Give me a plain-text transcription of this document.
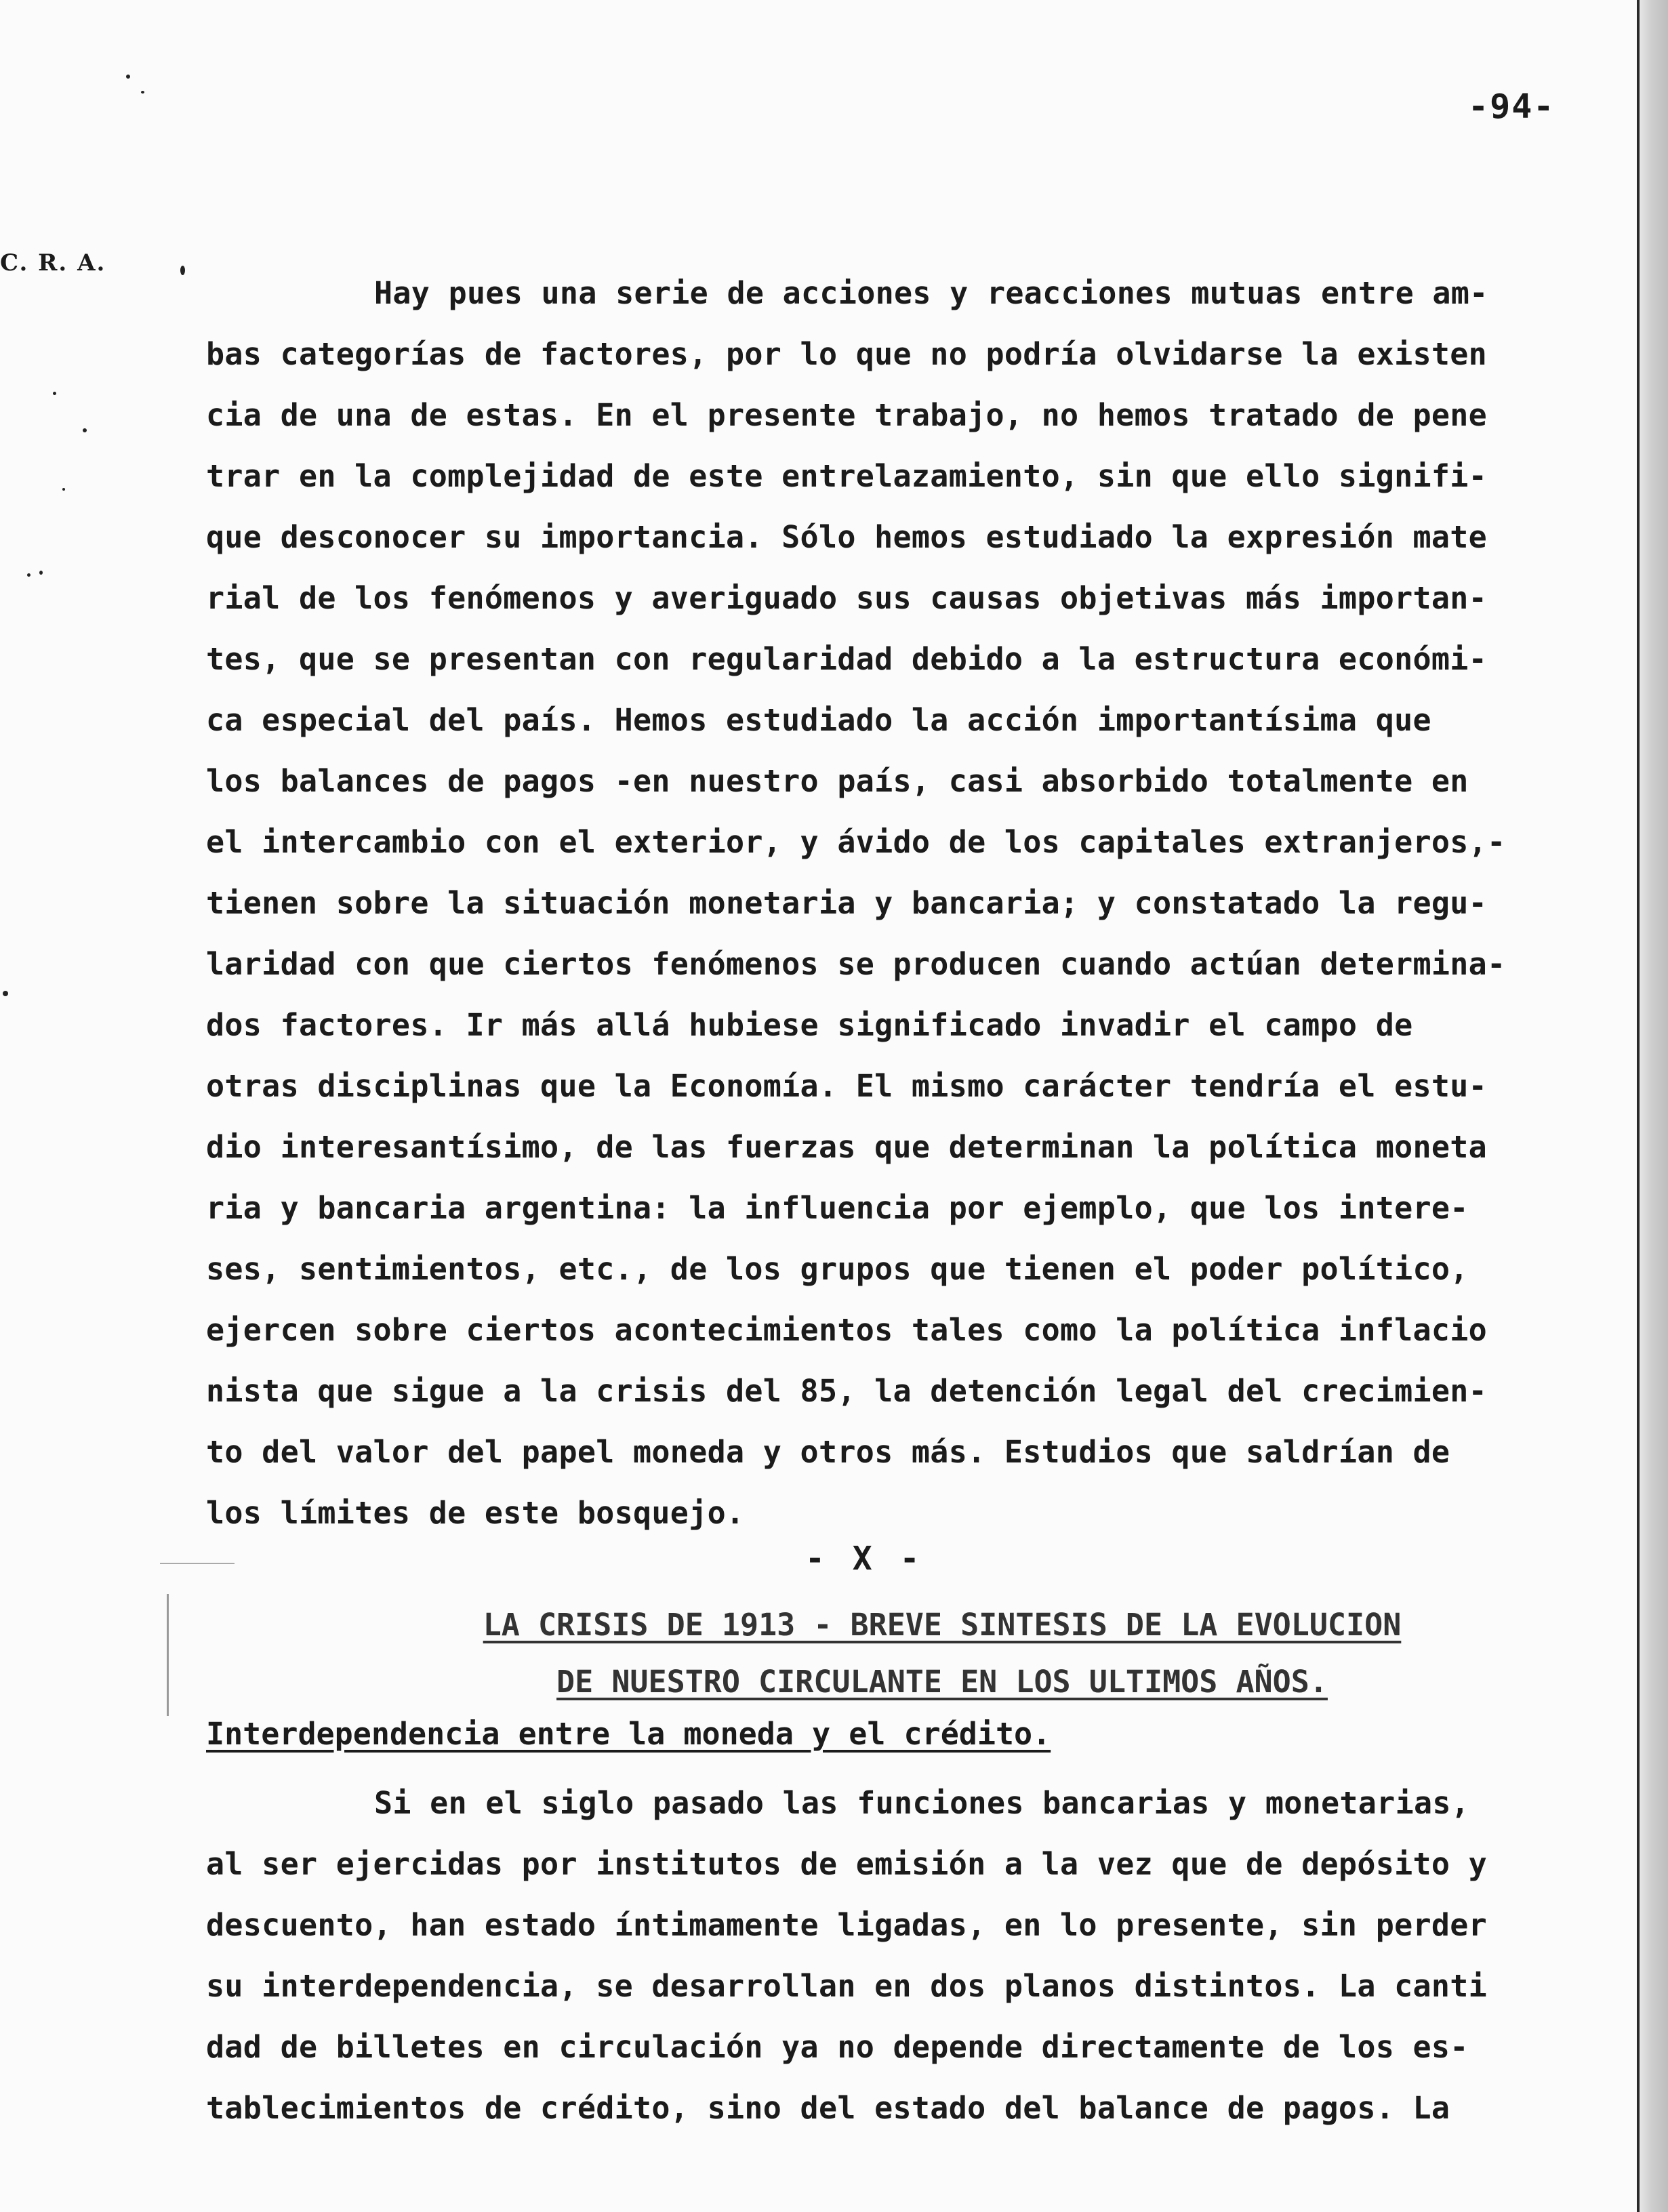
-94-
C. R. A.
Hay pues una serie de acciones y reacciones mutuas entre am-
bas categorías de factores, por lo que no podría olvidarse la existen
cia de una de estas. En el presente trabajo, no hemos tratado de pene
trar en la complejidad de este entrelazamiento, sin que ello signifi-
que desconocer su importancia. Sólo hemos estudiado la expresión mate
rial de los fenómenos y averiguado sus causas objetivas más importan-
tes, que se presentan con regularidad debido a la estructura económi-
ca especial del país. Hemos estudiado la acción importantísima que
los balances de pagos -en nuestro país, casi absorbido totalmente en
el intercambio con el exterior, y ávido de los capitales extranjeros,-
tienen sobre la situación monetaria y bancaria; y constatado la regu-
laridad con que ciertos fenómenos se producen cuando actúan determina-
dos factores. Ir más allá hubiese significado invadir el campo de
otras disciplinas que la Economía. El mismo carácter tendría el estu-
dio interesantísimo, de las fuerzas que determinan la política moneta
ria y bancaria argentina: la influencia por ejemplo, que los intere-
ses, sentimientos, etc., de los grupos que tienen el poder político,
ejercen sobre ciertos acontecimientos tales como la política inflacio
nista que sigue a la crisis del 85, la detención legal del crecimien-
to del valor del papel moneda y otros más. Estudios que saldrían de
los límites de este bosquejo.
- X -
LA CRISIS DE 1913 - BREVE SINTESIS DE LA EVOLUCION
DE NUESTRO CIRCULANTE EN LOS ULTIMOS AÑOS.
Interdependencia entre la moneda y el crédito.
Si en el siglo pasado las funciones bancarias y monetarias,
al ser ejercidas por institutos de emisión a la vez que de depósito y
descuento, han estado íntimamente ligadas, en lo presente, sin perder
su interdependencia, se desarrollan en dos planos distintos. La canti
dad de billetes en circulación ya no depende directamente de los es-
tablecimientos de crédito, sino del estado del balance de pagos. La
